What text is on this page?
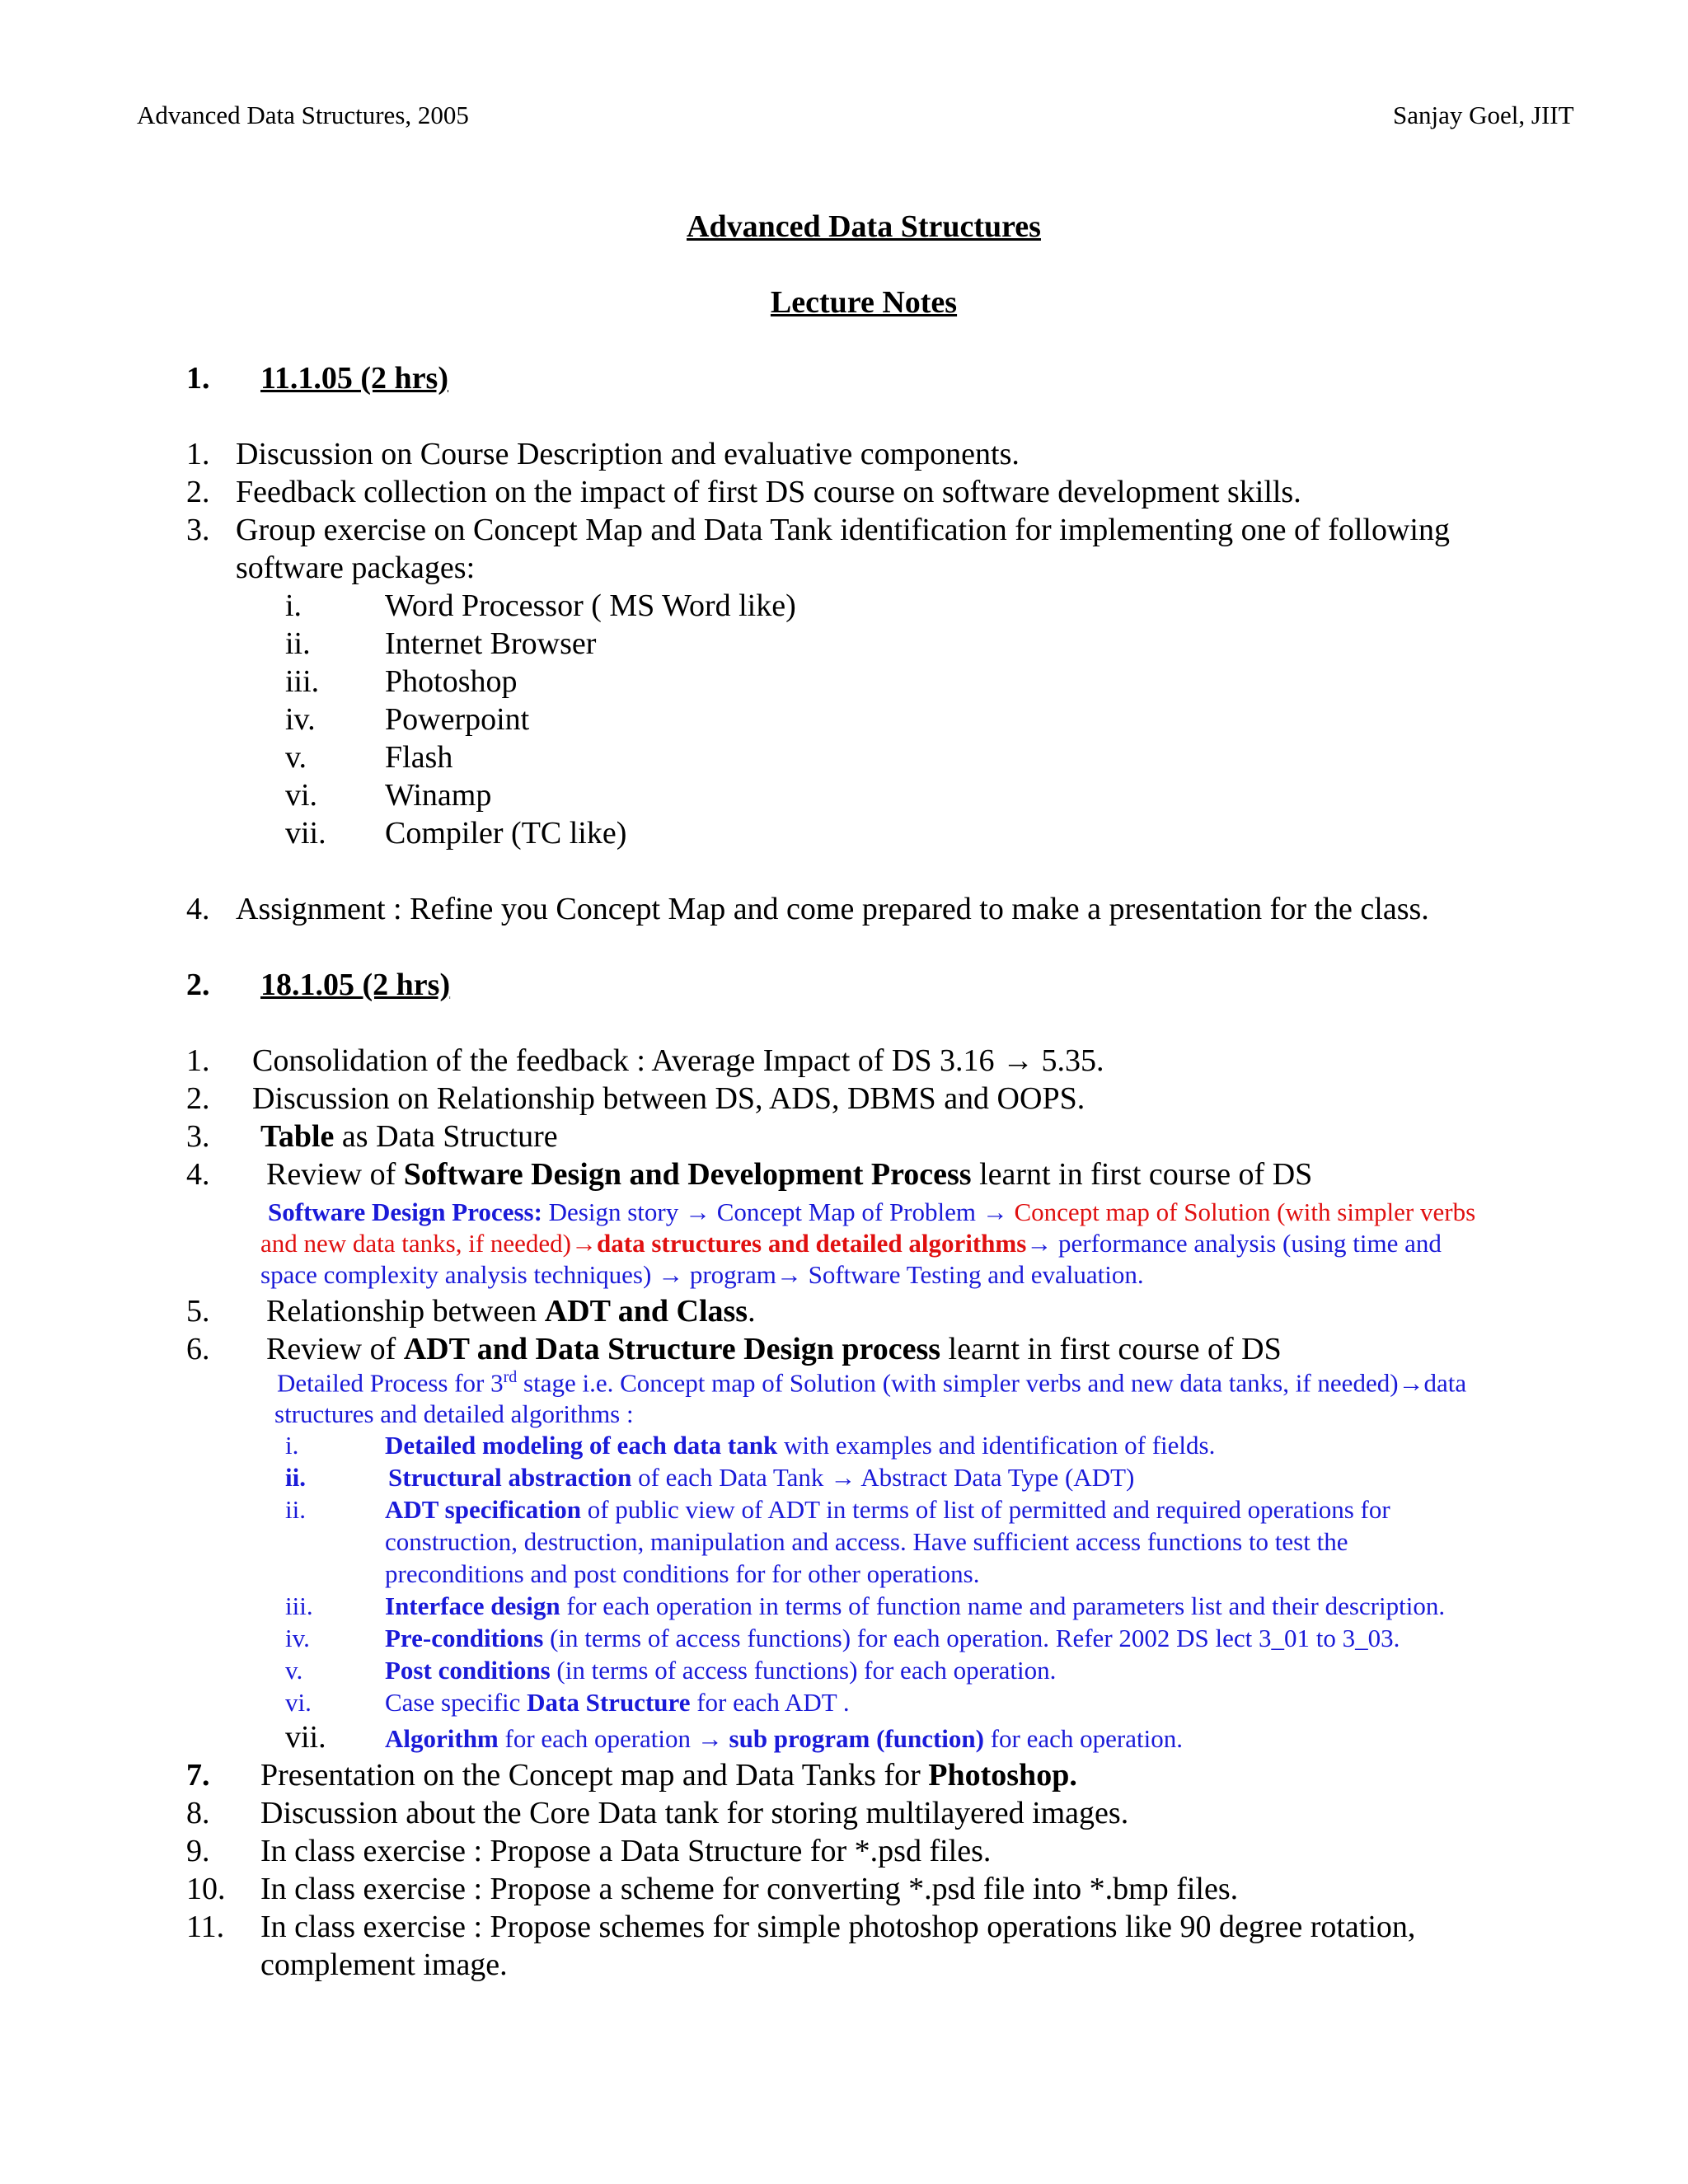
Advanced Data Structures, 2005	Sanjay Goel, JIIT
Advanced Data Structures
Lecture Notes
1. 11.1.05 (2 hrs)
1. Discussion on Course Description and evaluative components.
2. Feedback collection on the impact of first DS course on software development skills.
3. Group exercise on Concept Map and Data Tank identification for implementing one of following
software packages:
i.	Word Processor ( MS Word like)
ii. Internet Browser
iii. Photoshop
iv. Powerpoint
v. Flash
vi. Winamp
vii. Compiler (TC like)
4. Assignment : Refine you Concept Map and come prepared to make a presentation for the class.
2. 18.1.05 (2 hrs)
1. Consolidation of the feedback : Average Impact of DS 3.16 → 5.35.
2. Discussion on Relationship between DS, ADS, DBMS and OOPS.
3. Table as Data Structure
4. Review of Software Design and Development Process learnt in first course of DS
Software Design Process: Design story → Concept Map of Problem → Concept map of Solution (with simpler verbs
and new data tanks, if needed)→data structures and detailed algorithms→ performance analysis (using time and
space complexity analysis techniques) → program→ Software Testing and evaluation.
5. Relationship between ADT and Class.
6. Review of ADT and Data Structure Design process learnt in first course of DS
Detailed Process for 3rd stage i.e. Concept map of Solution (with simpler verbs and new data tanks, if needed)→data
structures and detailed algorithms :
i.	Detailed modeling of each data tank with examples and identification of fields.
ii.	Structural abstraction of each Data Tank → Abstract Data Type (ADT)
ii.	ADT specification of public view of ADT in terms of list of permitted and required operations for
construction, destruction, manipulation and access. Have sufficient access functions to test the
preconditions and post conditions for for other operations.
iii.	Interface design for each operation in terms of function name and parameters list and their description.
iv.	Pre-conditions (in terms of access functions) for each operation. Refer 2002 DS lect 3_01 to 3_03.
v.	Post conditions (in terms of access functions) for each operation.
vi.	Case specific Data Structure for each ADT .
vii. Algorithm for each operation → sub program (function) for each operation.
7. Presentation on the Concept map and Data Tanks for Photoshop.
8. Discussion about the Core Data tank for storing multilayered images.
9. In class exercise : Propose a Data Structure for *.psd files.
10. In class exercise : Propose a scheme for converting *.psd file into *.bmp files.
11. In class exercise : Propose schemes for simple photoshop operations like 90 degree rotation,
complement image.
